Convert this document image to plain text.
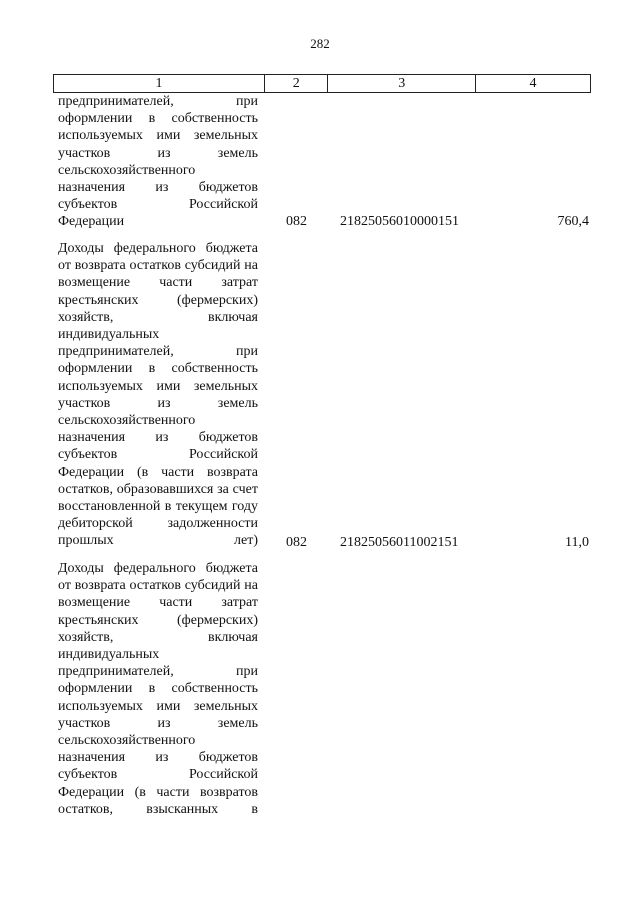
282
1	2	3	4
предпринимателей, при оформлении в собственность используемых ими земельных участков из земель сельскохозяйственного назначения из бюджетов субъектов Российской Федерации	082	21825056010000151	760,4
Доходы федерального бюджета от возврата остатков субсидий на возмещение части затрат крестьянских (фермерских) хозяйств, включая индивидуальных предпринимателей, при оформлении в собственность используемых ими земельных участков из земель сельскохозяйственного назначения из бюджетов субъектов Российской Федерации (в части возврата остатков, образовавшихся за счет восстановленной в текущем году дебиторской задолженности прошлых лет) 082	21825056011002151	11,0
Доходы федерального бюджета от возврата остатков субсидий на возмещение части затрат крестьянских (фермерских) хозяйств, включая индивидуальных предпринимателей, при оформлении в собственность используемых ими земельных участков из земель сельскохозяйственного назначения из бюджетов субъектов Российской Федерации (в части возвратов остатков, взысканных в
